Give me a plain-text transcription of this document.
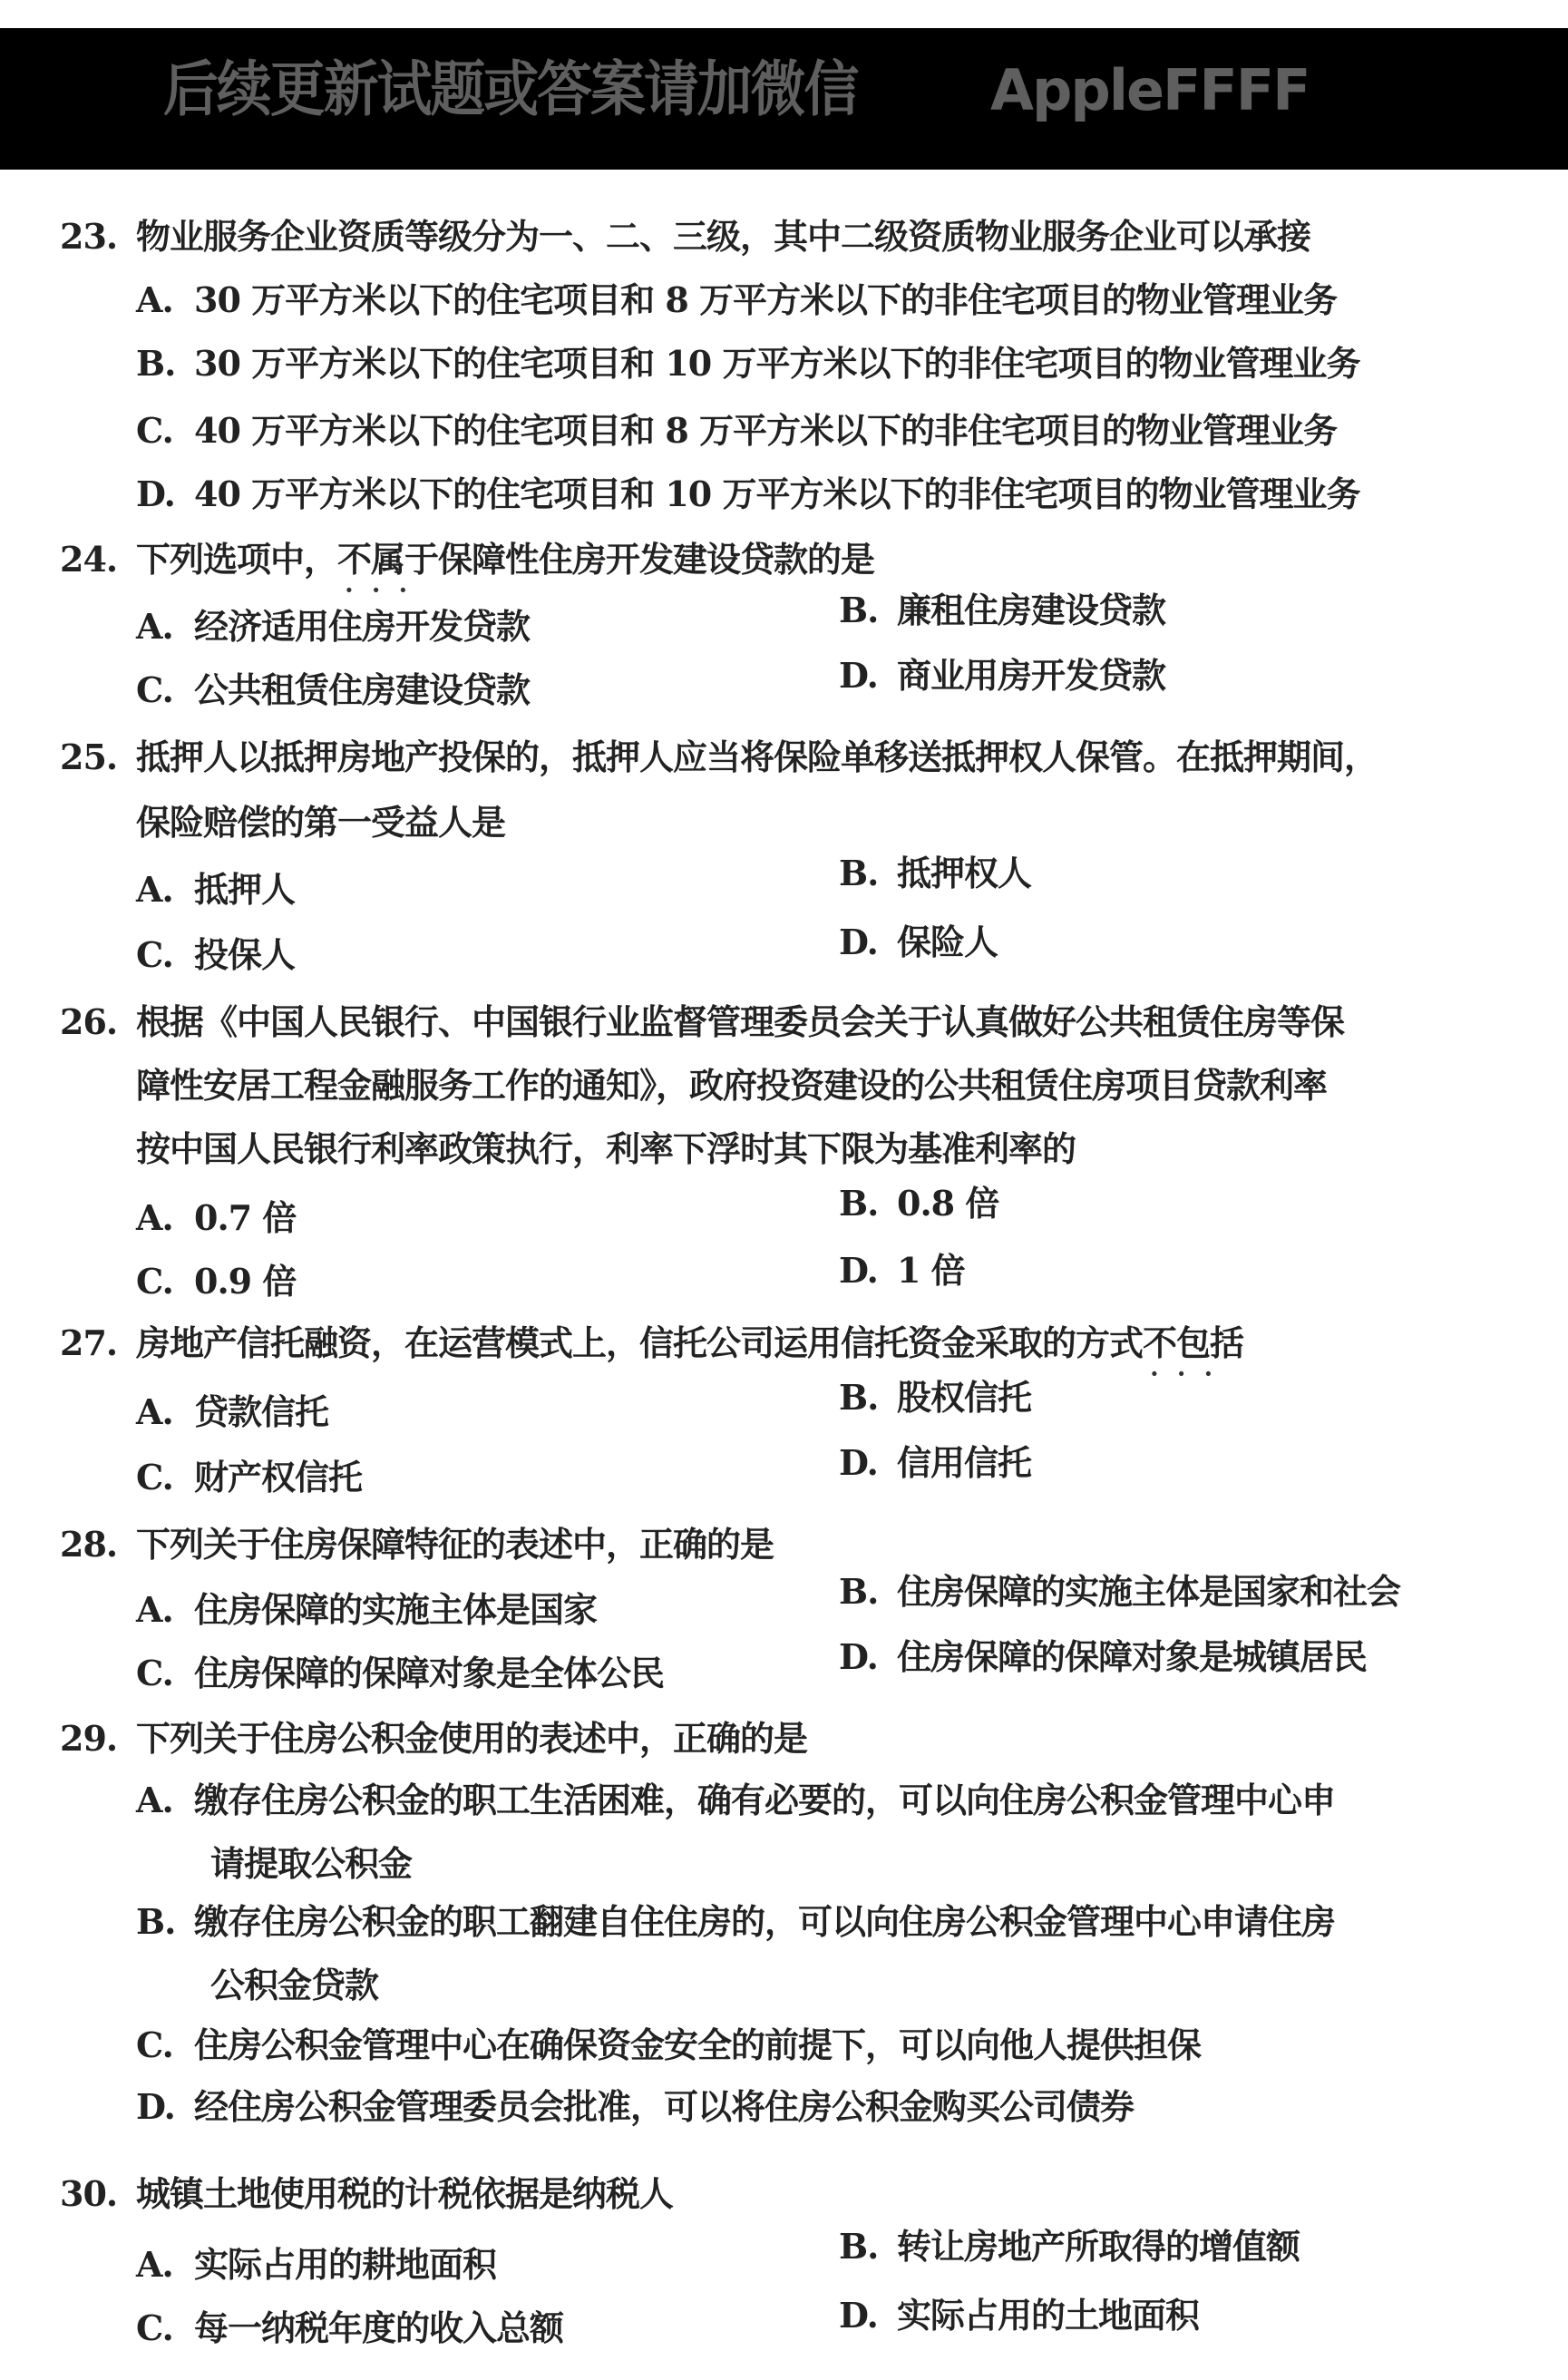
后续更新试题或答案请加微信 AppleFFFF
23. 物业服务企业资质等级分为一、二、三级，其中二级资质物业服务企业可以承接
A. 30 万平方米以下的住宅项目和 8 万平方米以下的非住宅项目的物业管理业务
B. 30 万平方米以下的住宅项目和 10 万平方米以下的非住宅项目的物业管理业务
C. 40 万平方米以下的住宅项目和 8 万平方米以下的非住宅项目的物业管理业务
D. 40 万平方米以下的住宅项目和 10 万平方米以下的非住宅项目的物业管理业务
24. 下列选项中，不属于 · · ·保障性住房开发建设贷款的是
A. 经济适用住房开发贷款	B. 廉租住房建设贷款
C. 公共租赁住房建设贷款	D. 商业用房开发贷款
25. 抵押人以抵押房地产投保的，抵押人应当将保险单移送抵押权人保管。在抵押期间，
保险赔偿的第一受益人是
A. 抵押人	B. 抵押权人
C. 投保人	D. 保险人
26. 根据《中国人民银行、中国银行业监督管理委员会关于认真做好公共租赁住房等保
障性安居工程金融服务工作的通知》，政府投资建设的公共租赁住房项目贷款利率
按中国人民银行利率政策执行，利率下浮时其下限为基准利率的
A. 0.7 倍	B. 0.8 倍
C. 0.9 倍	D. 1 倍
27. 房地产信托融资，在运营模式上，信托公司运用信托资金采取的方式不包括 · · ·
A. 贷款信托	B. 股权信托
C. 财产权信托	D. 信用信托
28. 下列关于住房保障特征的表述中，正确的是
A. 住房保障的实施主体是国家	B. 住房保障的实施主体是国家和社会
C. 住房保障的保障对象是全体公民	D. 住房保障的保障对象是城镇居民
29. 下列关于住房公积金使用的表述中，正确的是
A. 缴存住房公积金的职工生活困难，确有必要的，可以向住房公积金管理中心申
请提取公积金
B. 缴存住房公积金的职工翻建自住住房的，可以向住房公积金管理中心申请住房
公积金贷款
C. 住房公积金管理中心在确保资金安全的前提下，可以向他人提供担保
D. 经住房公积金管理委员会批准，可以将住房公积金购买公司债券
30. 城镇土地使用税的计税依据是纳税人
A. 实际占用的耕地面积	B. 转让房地产所取得的增值额
C. 每一纳税年度的收入总额	D. 实际占用的土地面积
